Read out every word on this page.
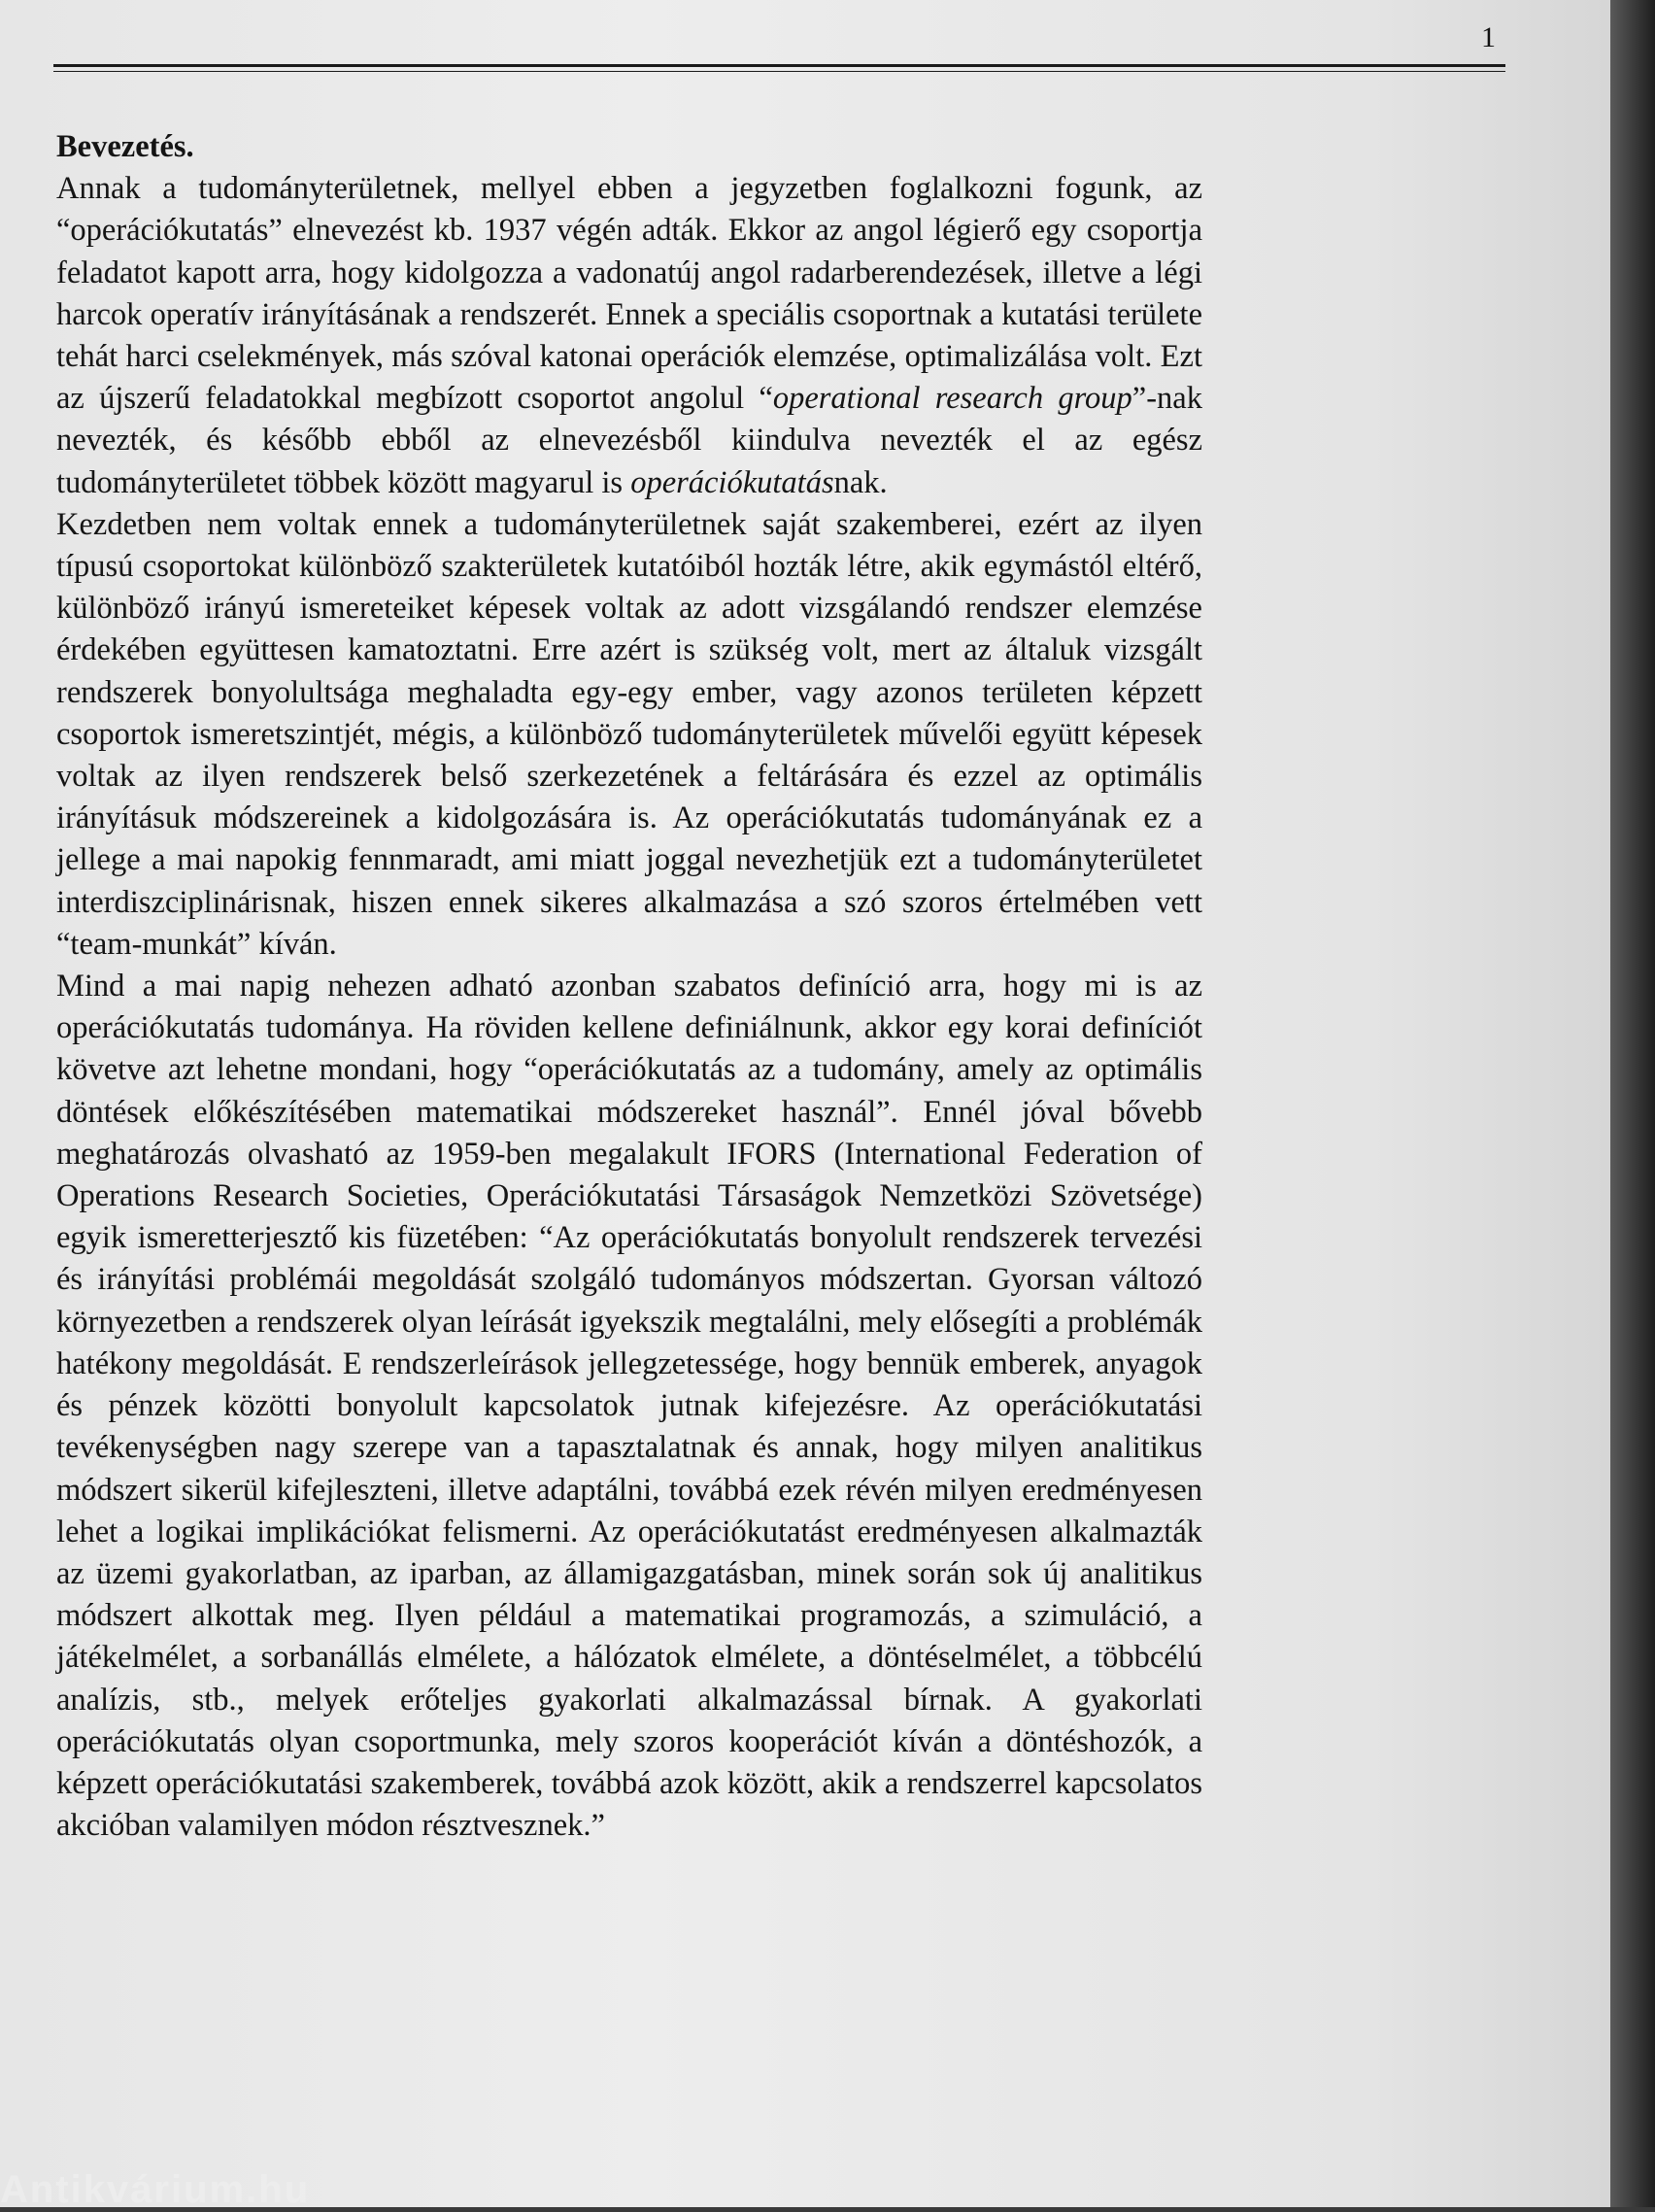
1

Bevezetés.

Annak a tudományterületnek, mellyel ebben a jegyzetben foglalkozni fogunk, az “operációkutatás” elnevezést kb. 1937 végén adták. Ekkor az angol légierő egy csoportja feladatot kapott arra, hogy kidolgozza a vadonatúj angol radarberendezések, illetve a légi harcok operatív irányításának a rendszerét. Ennek a speciális csoportnak a kutatási területe tehát harci cselekmények, más szóval katonai operációk elemzése, optimalizálása volt. Ezt az újszerű feladatokkal megbízott csoportot angolul “operational research group”-nak nevezték, és később ebből az elnevezésből kiindulva nevezték el az egész tudományterületet többek között magyarul is operációkutatásnak.

Kezdetben nem voltak ennek a tudományterületnek saját szakemberei, ezért az ilyen típusú csoportokat különböző szakterületek kutatóiból hozták létre, akik egymástól eltérő, különböző irányú ismereteiket képesek voltak az adott vizsgálandó rendszer elemzése érdekében együttesen kamatoztatni. Erre azért is szükség volt, mert az általuk vizsgált rendszerek bonyolultsága meghaladta egy-egy ember, vagy azonos területen képzett csoportok ismeretszintjét, mégis, a különböző tudományterületek művelői együtt képesek voltak az ilyen rendszerek belső szerkezetének a feltárására és ezzel az optimális irányításuk módszereinek a kidolgozására is. Az operációkutatás tudományának ez a jellege a mai napokig fennmaradt, ami miatt joggal nevezhetjük ezt a tudományterületet interdiszciplinárisnak, hiszen ennek sikeres alkalmazása a szó szoros értelmében vett “team-munkát” kíván.

Mind a mai napig nehezen adható azonban szabatos definíció arra, hogy mi is az operációkutatás tudománya. Ha röviden kellene definiálnunk, akkor egy korai definíciót követve azt lehetne mondani, hogy “operációkutatás az a tudomány, amely az optimális döntések előkészítésében matematikai módszereket használ”. Ennél jóval bővebb meghatározás olvasható az 1959-ben megalakult IFORS (International Federation of Operations Research Societies, Operációkutatási Társaságok Nemzetközi Szövetsége) egyik ismeretterjesztő kis füzetében: “Az operációkutatás bonyolult rendszerek tervezési és irányítási problémái megoldását szolgáló tudományos módszertan. Gyorsan változó környezetben a rendszerek olyan leírását igyekszik megtalálni, mely elősegíti a problémák hatékony megoldását. E rendszerleírások jellegzetessége, hogy bennük emberek, anyagok és pénzek közötti bonyolult kapcsolatok jutnak kifejezésre. Az operációkutatási tevékenységben nagy szerepe van a tapasztalatnak és annak, hogy milyen analitikus módszert sikerül kifejleszteni, illetve adaptálni, továbbá ezek révén milyen eredményesen lehet a logikai implikációkat felismerni. Az operációkutatást eredményesen alkalmazták az üzemi gyakorlatban, az iparban, az államigazgatásban, minek során sok új analitikus módszert alkottak meg. Ilyen például a matematikai programozás, a szimuláció, a játékelmélet, a sorbanállás elmélete, a hálózatok elmélete, a döntéselmélet, a többcélú analízis, stb., melyek erőteljes gyakorlati alkalmazással bírnak. A gyakorlati operációkutatás olyan csoportmunka, mely szoros kooperációt kíván a döntéshozók, a képzett operációkutatási szakemberek, továbbá azok között, akik a rendszerrel kapcsolatos akcióban valamilyen módon résztvesznek.”

Antikvárium.hu
